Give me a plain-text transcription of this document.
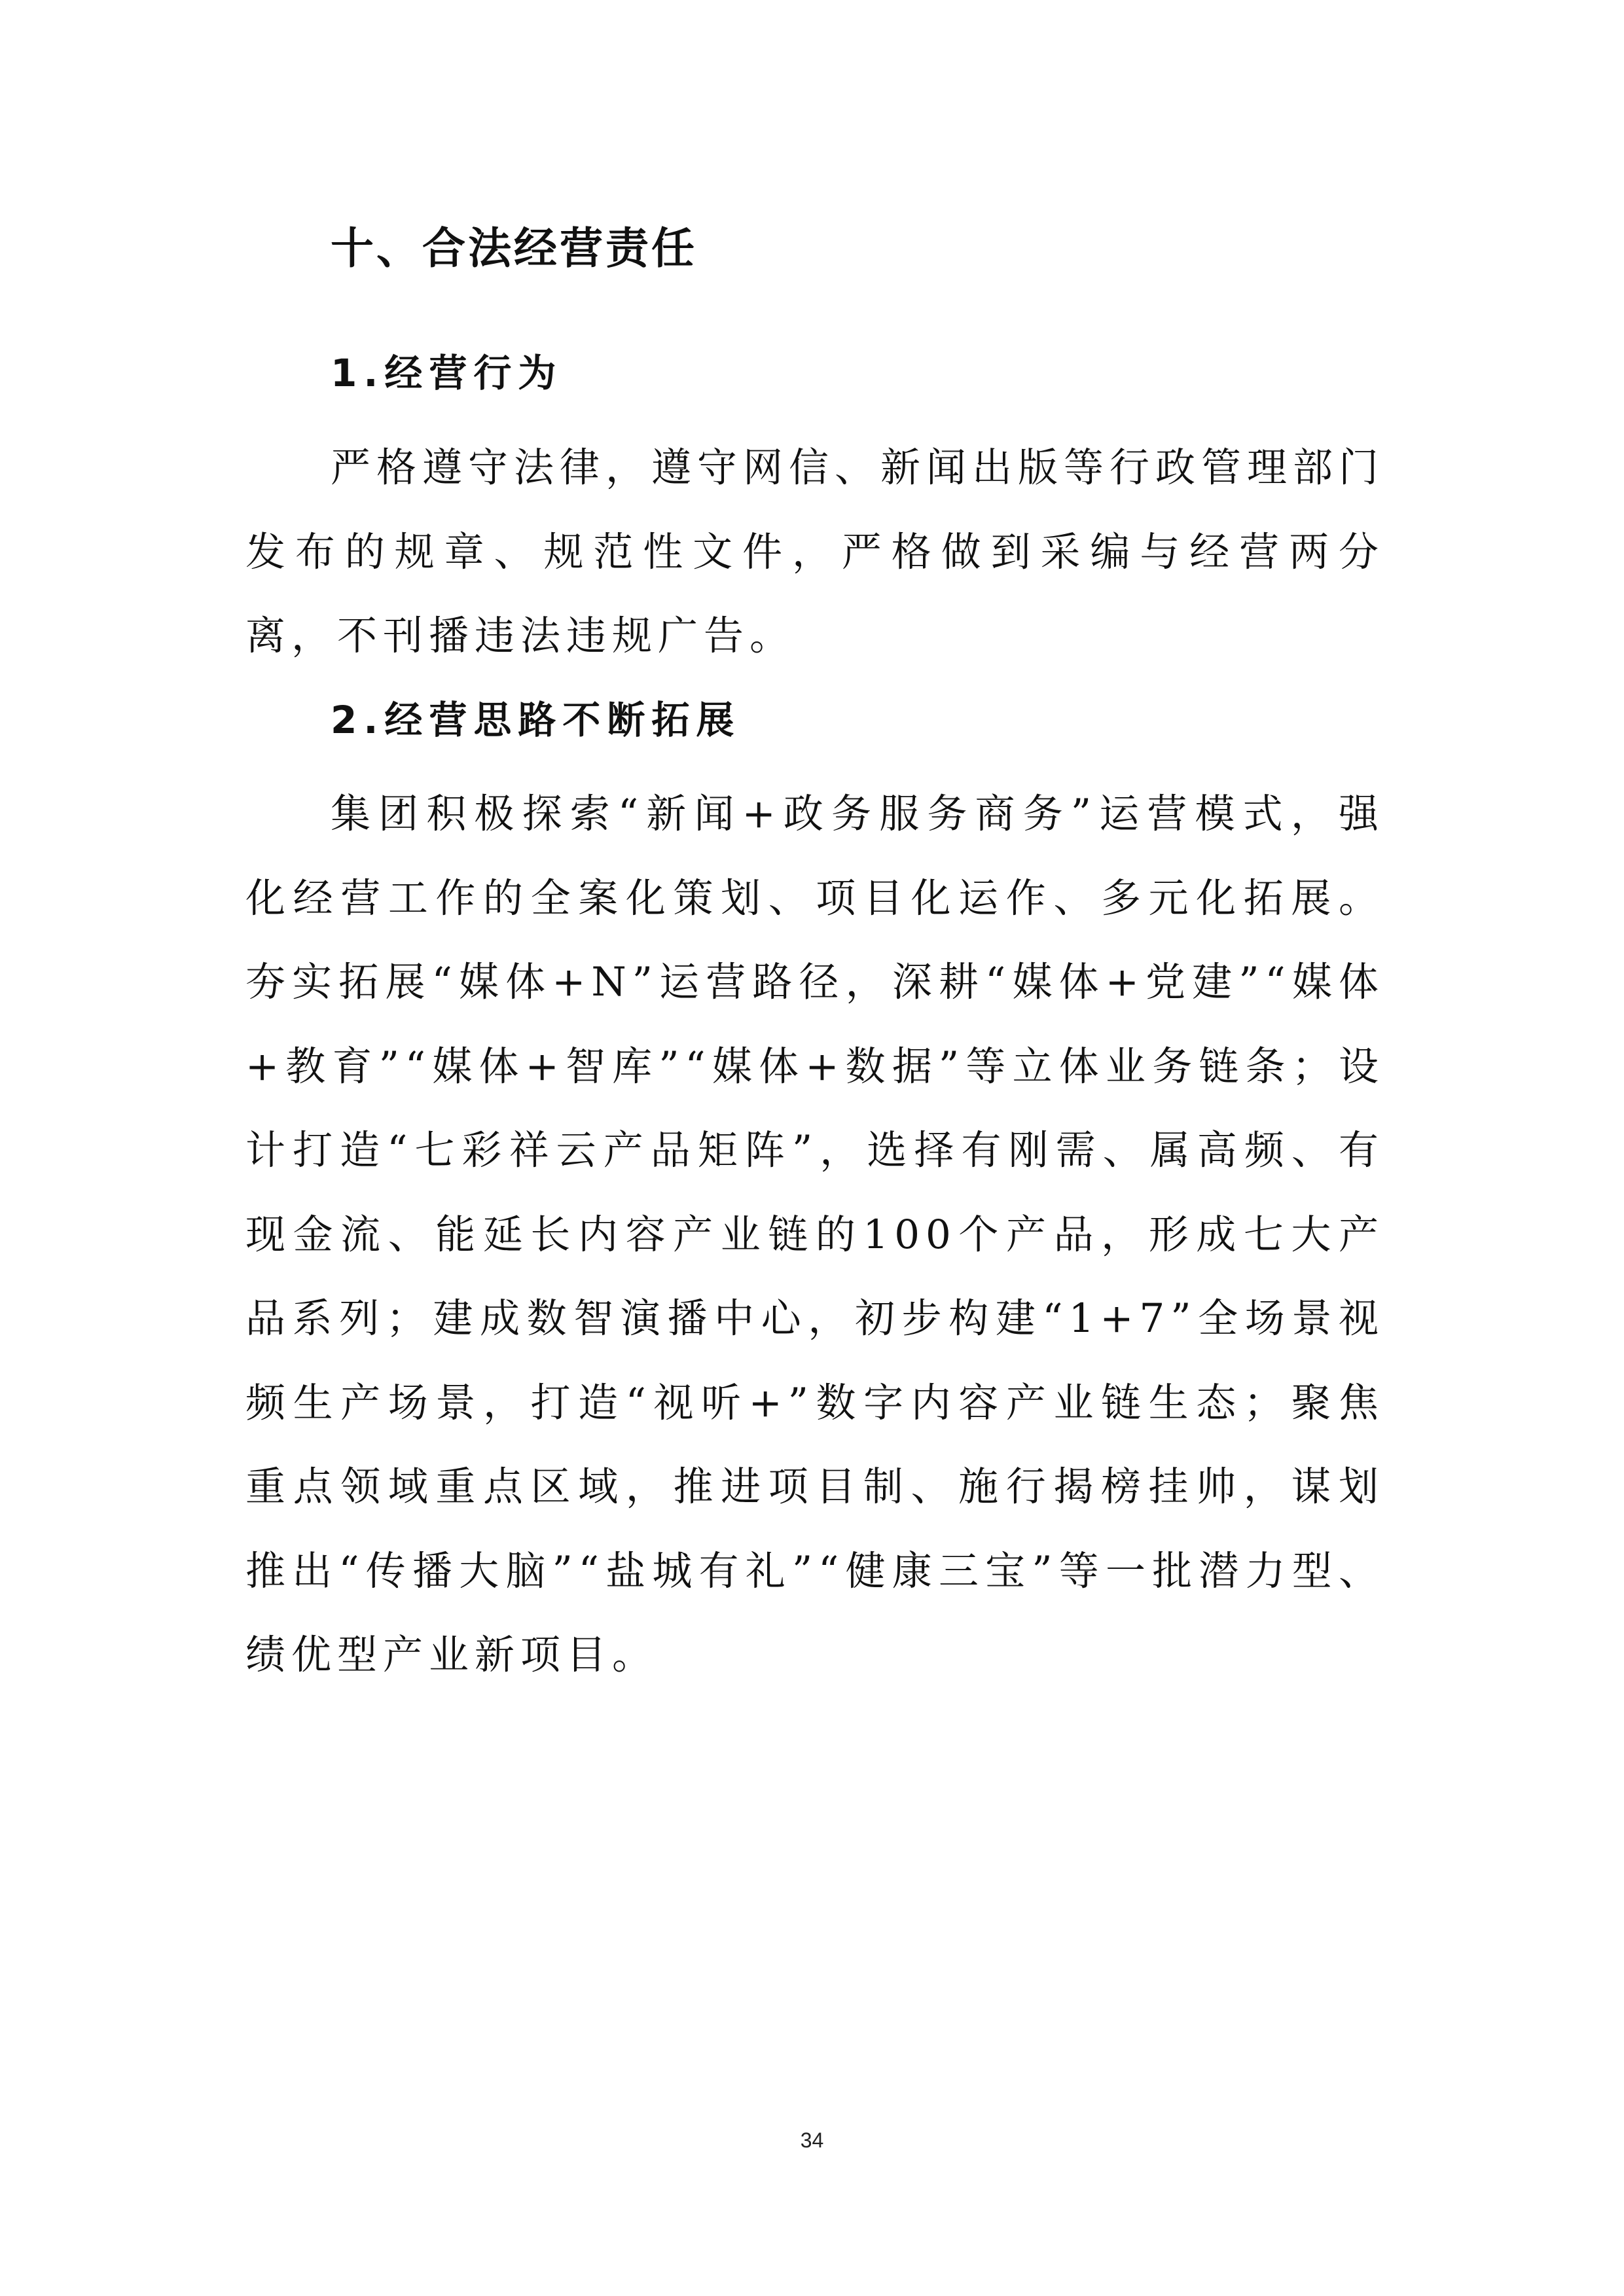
十、合法经营责任
1.经营行为

严格遵守法律，遵守网信、新闻出版等行政管理部门发布的规章、规范性文件，严格做到采编与经营两分离，不刊播违法违规广告。

2.经营思路不断拓展

集团积极探索“新闻+政务服务商务”运营模式，强化经营工作的全案化策划、项目化运作、多元化拓展。夯实拓展“媒体+N”运营路径，深耕“媒体+党建”“媒体+教育”“媒体+智库”“媒体+数据”等立体业务链条；设计打造“七彩祥云产品矩阵”，选择有刚需、属高频、有现金流、能延长内容产业链的100个产品，形成七大产品系列；建成数智演播中心，初步构建“1+7”全场景视频生产场景，打造“视听+”数字内容产业链生态；聚焦重点领域重点区域，推进项目制、施行揭榜挂帅，谋划推出“传播大脑”“盐城有礼”“健康三宝”等一批潜力型、绩优型产业新项目。

34
